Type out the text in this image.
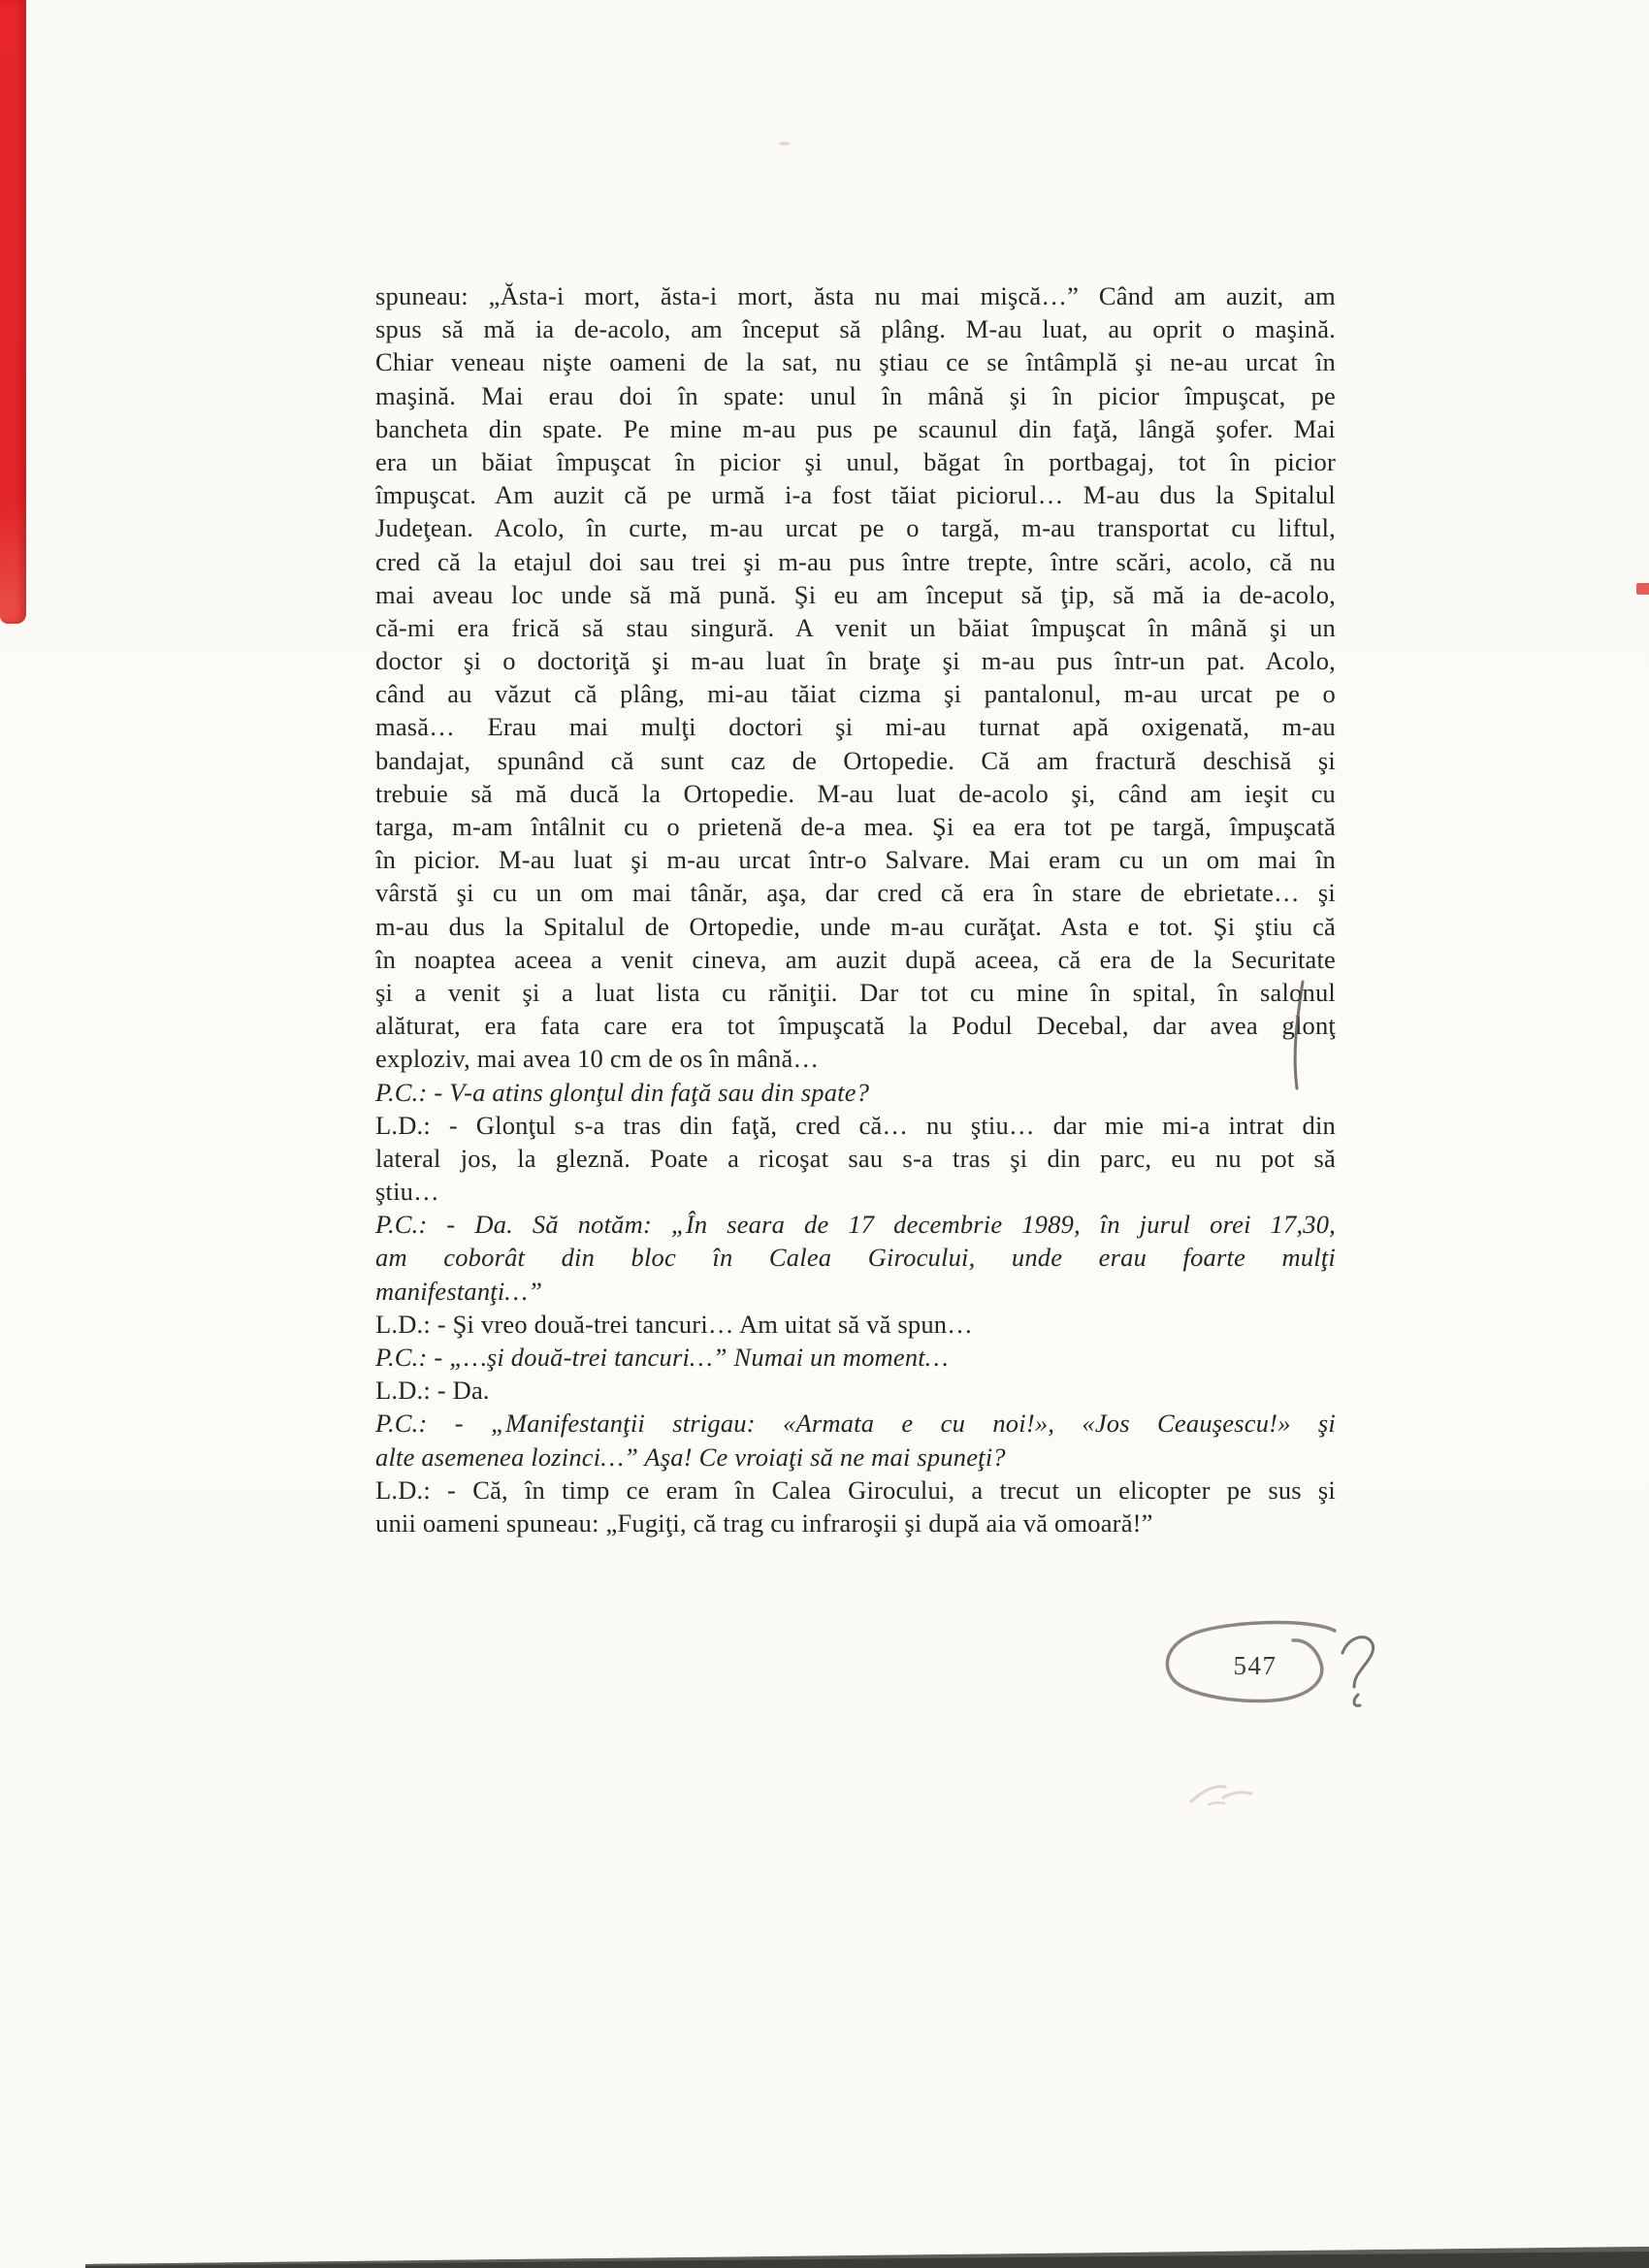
spuneau: „Ăsta-i mort, ăsta-i mort, ăsta nu mai mişcă…” Când am auzit, am
spus să mă ia de-acolo, am început să plâng. M-au luat, au oprit o maşină.
Chiar veneau nişte oameni de la sat, nu ştiau ce se întâmplă şi ne-au urcat în
maşină. Mai erau doi în spate: unul în mână şi în picior împuşcat, pe
bancheta din spate. Pe mine m-au pus pe scaunul din faţă, lângă şofer. Mai
era un băiat împuşcat în picior şi unul, băgat în portbagaj, tot în picior
împuşcat. Am auzit că pe urmă i-a fost tăiat piciorul… M-au dus la Spitalul
Judeţean. Acolo, în curte, m-au urcat pe o targă, m-au transportat cu liftul,
cred că la etajul doi sau trei şi m-au pus între trepte, între scări, acolo, că nu
mai aveau loc unde să mă pună. Şi eu am început să ţip, să mă ia de-acolo,
că-mi era frică să stau singură. A venit un băiat împuşcat în mână şi un
doctor şi o doctoriţă şi m-au luat în braţe şi m-au pus într-un pat. Acolo,
când au văzut că plâng, mi-au tăiat cizma şi pantalonul, m-au urcat pe o
masă… Erau mai mulţi doctori şi mi-au turnat apă oxigenată, m-au
bandajat, spunând că sunt caz de Ortopedie. Că am fractură deschisă şi
trebuie să mă ducă la Ortopedie. M-au luat de-acolo şi, când am ieşit cu
targa, m-am întâlnit cu o prietenă de-a mea. Şi ea era tot pe targă, împuşcată
în picior. M-au luat şi m-au urcat într-o Salvare. Mai eram cu un om mai în
vârstă şi cu un om mai tânăr, aşa, dar cred că era în stare de ebrietate… şi
m-au dus la Spitalul de Ortopedie, unde m-au curăţat. Asta e tot. Şi ştiu că
în noaptea aceea a venit cineva, am auzit după aceea, că era de la Securitate
şi a venit şi a luat lista cu răniţii. Dar tot cu mine în spital, în salonul
alăturat, era fata care era tot împuşcată la Podul Decebal, dar avea glonţ
exploziv, mai avea 10 cm de os în mână…
P.C.: - V-a atins glonţul din faţă sau din spate?
L.D.: - Glonţul s-a tras din faţă, cred că… nu ştiu… dar mie mi-a intrat din
lateral jos, la gleznă. Poate a ricoşat sau s-a tras şi din parc, eu nu pot să
ştiu…
P.C.: - Da. Să notăm: „În seara de 17 decembrie 1989, în jurul orei 17,30,
am coborât din bloc în Calea Girocului, unde erau foarte mulţi
manifestanţi…”
L.D.: - Şi vreo două-trei tancuri… Am uitat să vă spun…
P.C.: - „…şi două-trei tancuri…” Numai un moment…
L.D.: - Da.
P.C.: - „Manifestanţii strigau: «Armata e cu noi!», «Jos Ceauşescu!» şi
alte asemenea lozinci…” Aşa! Ce vroiaţi să ne mai spuneţi?
L.D.: - Că, în timp ce eram în Calea Girocului, a trecut un elicopter pe sus şi
unii oameni spuneau: „Fugiţi, că trag cu infraroşii şi după aia vă omoară!”
547
